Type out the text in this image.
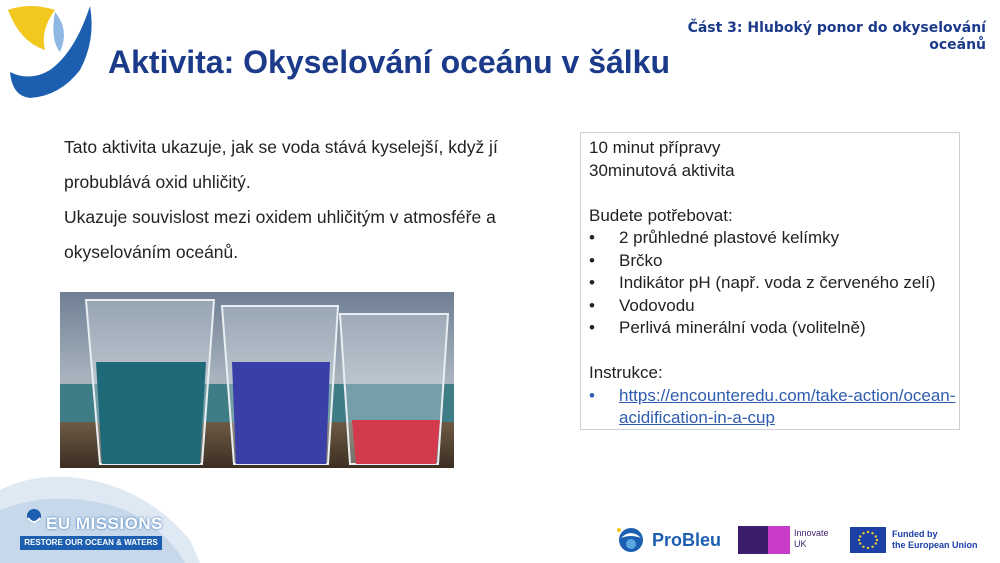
Část 3: Hluboký ponor do okyselování oceánů
Aktivita: Okyselování oceánu v šálku

Tato aktivita ukazuje, jak se voda stává kyselejší, když jí probublává oxid uhličitý.

Ukazuje souvislost mezi oxidem uhličitým v atmosféře a okyselováním oceánů.

10 minut přípravy
30minutová aktivita
Budete potřebovat:
• 2 průhledné plastové kelímky
• Brčko
• Indikátor pH (např. voda z červeného zelí)
• Vodovodu
• Perlivá minerální voda (volitelně)
Instrukce:
• https://encounteredu.com/take-action/ocean-acidification-in-a-cup
EU MISSIONS
RESTORE OUR OCEAN & WATERS	ProBleu	Innovate UK
Funded by
the European Union
